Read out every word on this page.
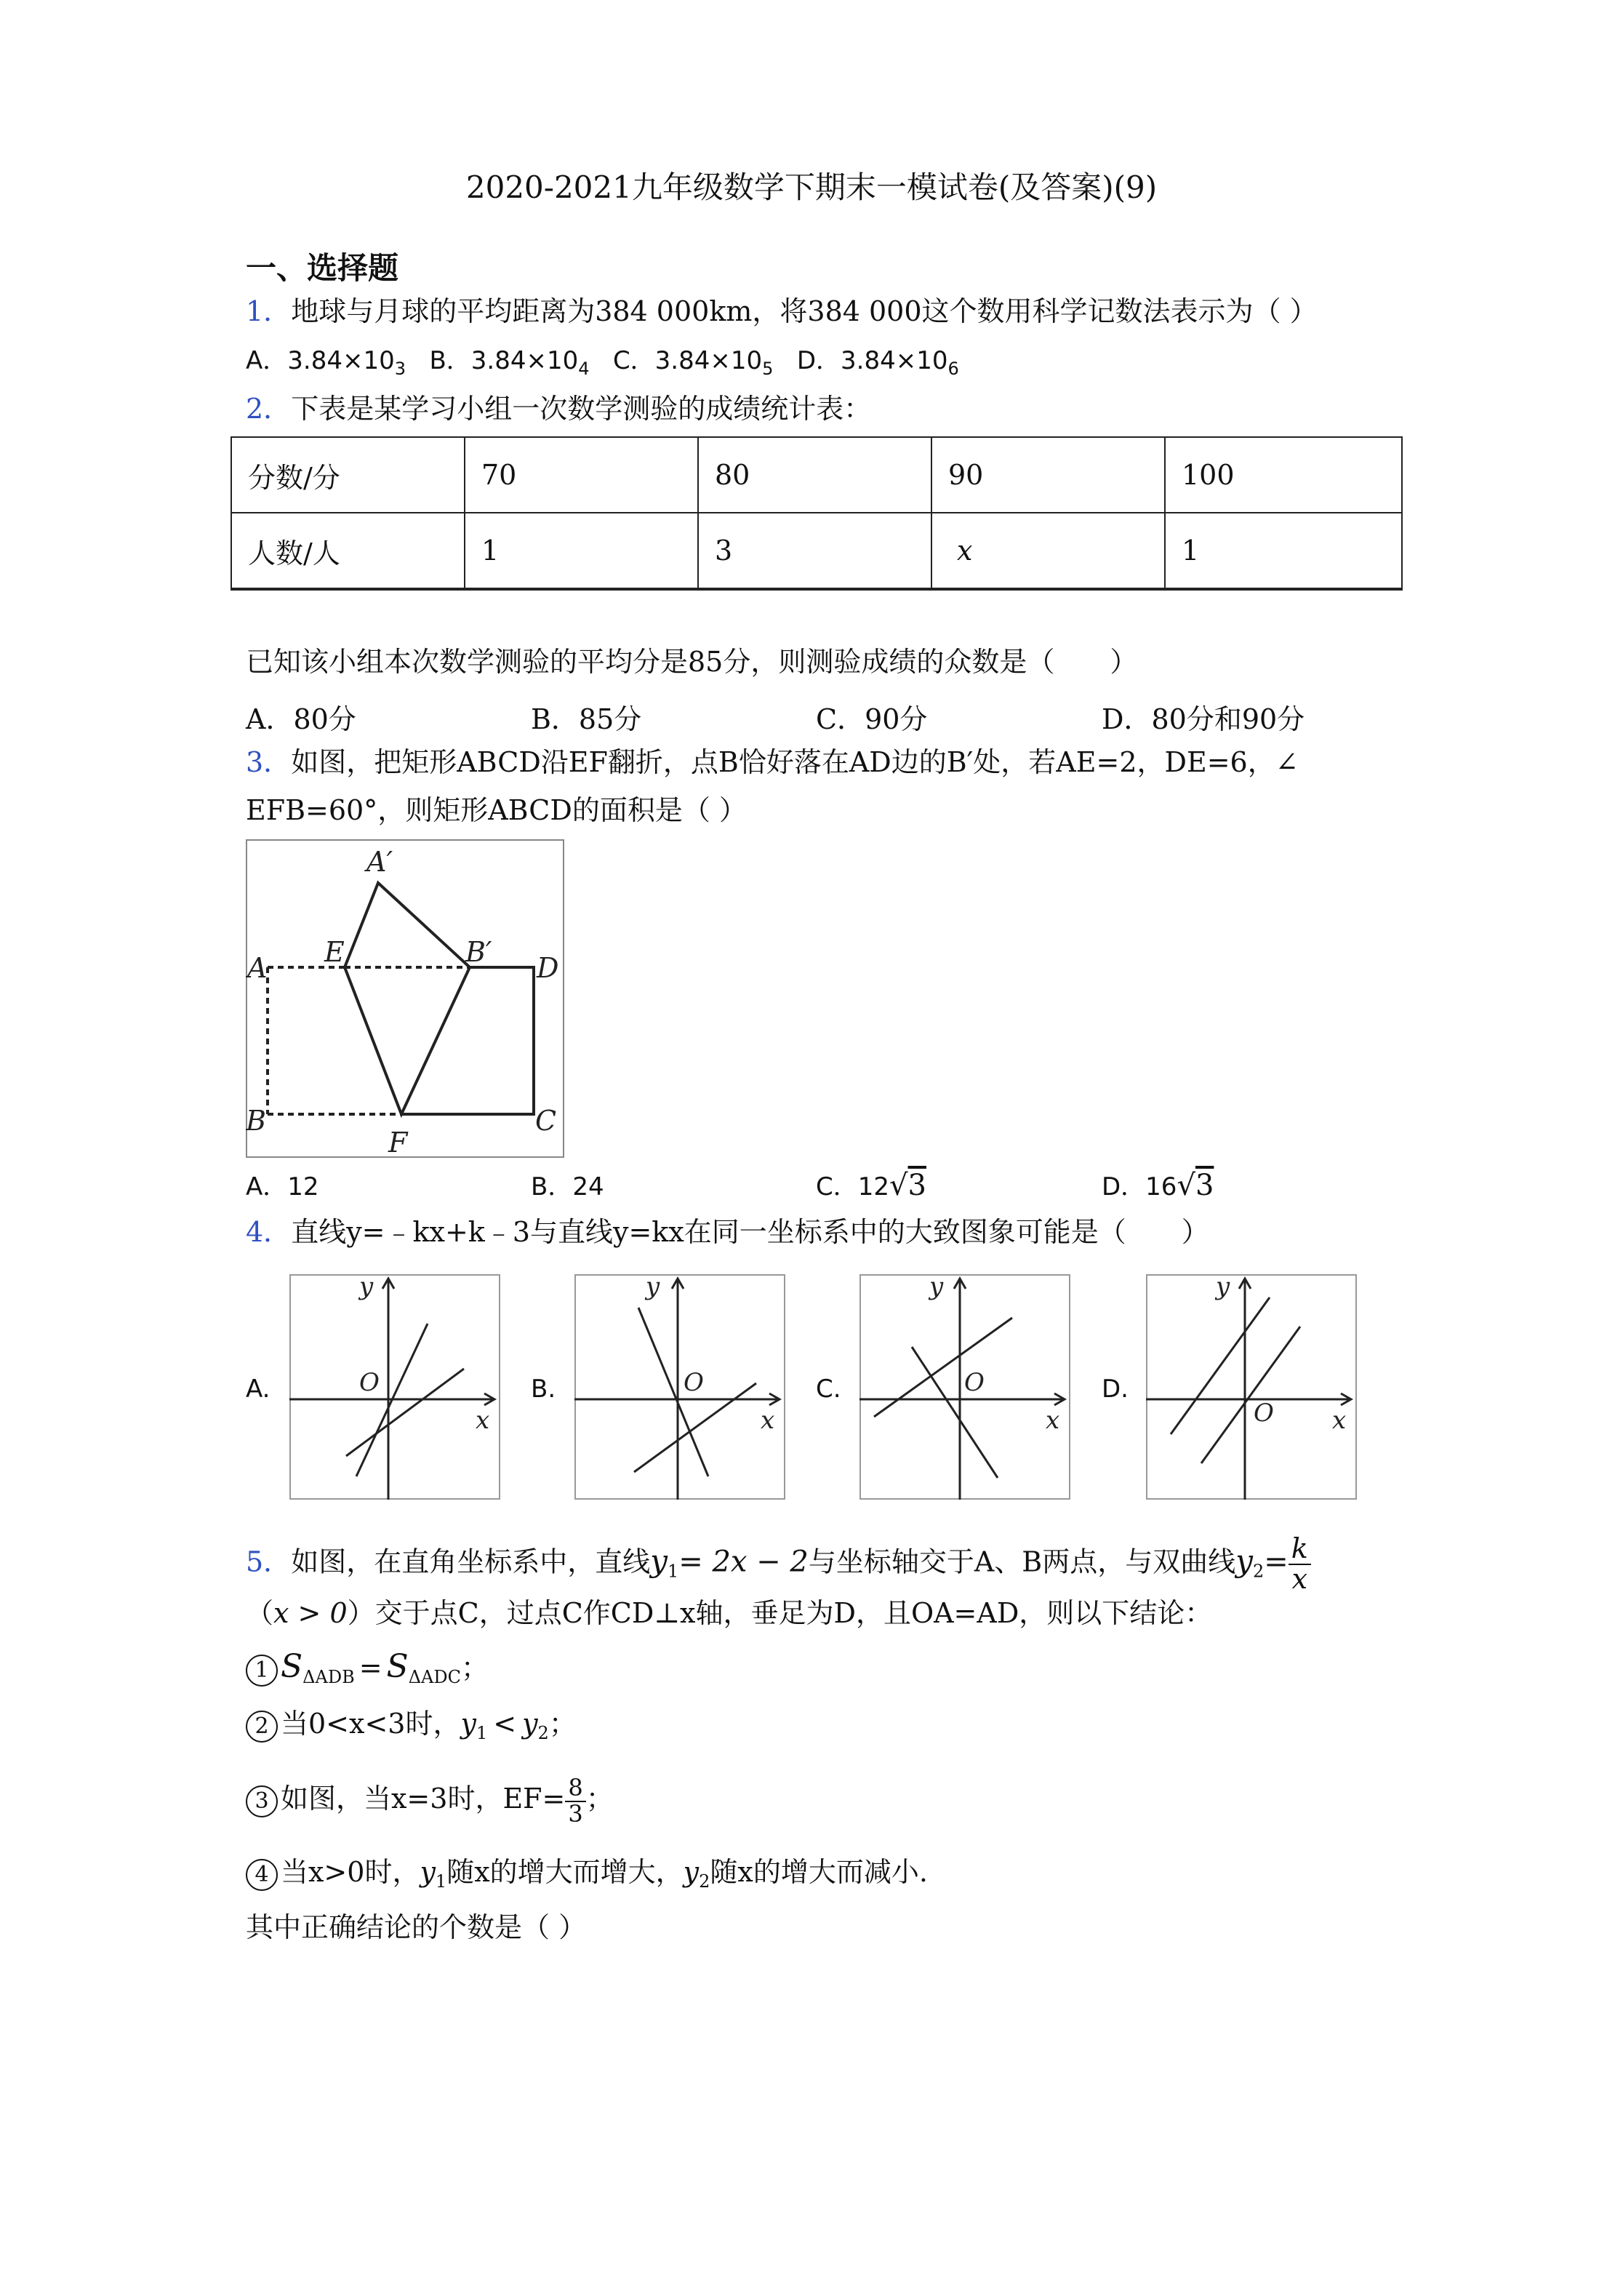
2020-2021九年级数学下期末一模试卷(及答案)(9)
一、选择题
1．地球与月球的平均距离为384 000km，将384 000这个数用科学记数法表示为（ ）
A．$3.84\times 10_3$ B．$3.84\times 10_4$ C．$3.84\times 10_5$ D．$3.84\times 10_6$
2．下表是某学习小组一次数学测验的成绩统计表：
分数/分	70	80	90	100
人数/人	1	3	x	1
已知该小组本次数学测验的平均分是85分，则测验成绩的众数是（　　）
A．80分	B．85分	C．90分	D．80分和90分
3．如图，把矩形ABCD沿EF翻折，点B恰好落在AD边的B′处，若AE=2，DE=6，∠
EFB=60°，则矩形ABCD的面积是（ ）
A′
A E	B′ D
B
F
C
A．12	B．24	C．12√3	D．16√3
4．直线y=﹣kx+k﹣3与直线y=kx在同一坐标系中的大致图象可能是（　　）
A.	B.	C.	D.
y
x
O
y
x
O
y
x
O
y
x
O
5．如图，在直角坐标系中，直线$y_1= 2x - 2$与坐标轴交于A、B两点，与双曲线$y_2= \frac{k}{x}$
（x > 0）交于点C，过点C作CD⊥x轴，垂足为D，且OA=AD，则以下结论：
1 $S_{\Delta ADB} = S_{\Delta ADC}$；
2 当0<x<3时，$y_1 < y_2$；
3 如图，当x=3时，$EF= \frac{8}{3}$ ；
4 当x>0时，$y_1$随x的增大而增大，$y_2$随x的增大而减小.
其中正确结论的个数是（ ）
